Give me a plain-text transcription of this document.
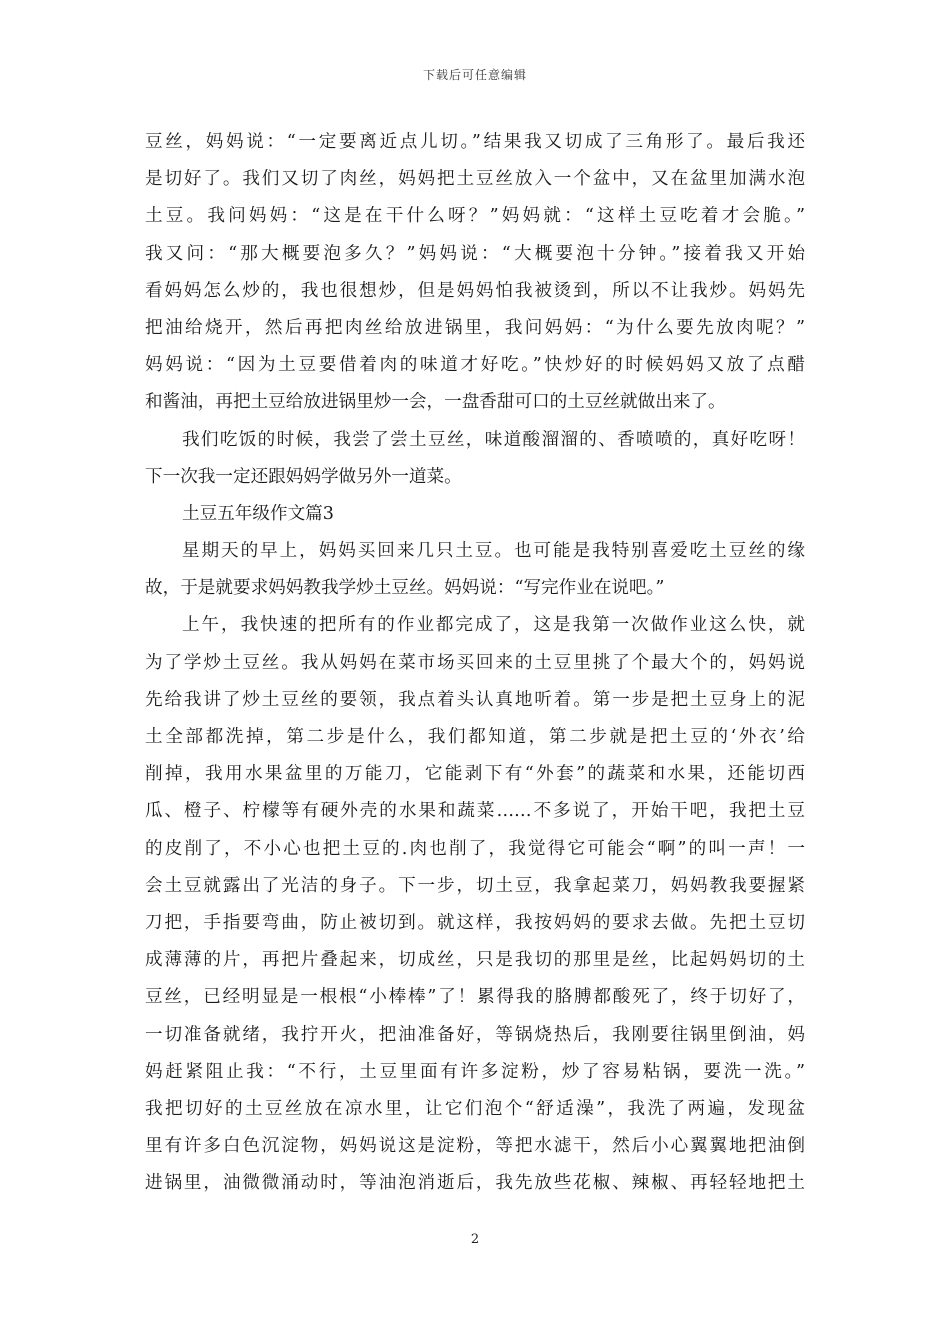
下载后可任意编辑
豆丝，妈妈说：“一定要离近点儿切。”结果我又切成了三角形了。最后我还
是切好了。我们又切了肉丝，妈妈把土豆丝放入一个盆中，又在盆里加满水泡
土豆。我问妈妈：“这是在干什么呀？”妈妈就：“这样土豆吃着才会脆。”
我又问：“那大概要泡多久？”妈妈说：“大概要泡十分钟。”接着我又开始
看妈妈怎么炒的，我也很想炒，但是妈妈怕我被烫到，所以不让我炒。妈妈先
把油给烧开，然后再把肉丝给放进锅里，我问妈妈：“为什么要先放肉呢？”
妈妈说：“因为土豆要借着肉的味道才好吃。”快炒好的时候妈妈又放了点醋
和酱油，再把土豆给放进锅里炒一会，一盘香甜可口的土豆丝就做出来了。
我们吃饭的时候，我尝了尝土豆丝，味道酸溜溜的、香喷喷的，真好吃呀！
下一次我一定还跟妈妈学做另外一道菜。
土豆五年级作文篇3
星期天的早上，妈妈买回来几只土豆。也可能是我特别喜爱吃土豆丝的缘
故，于是就要求妈妈教我学炒土豆丝。妈妈说：“写完作业在说吧。”
上午，我快速的把所有的作业都完成了，这是我第一次做作业这么快，就
为了学炒土豆丝。我从妈妈在菜市场买回来的土豆里挑了个最大个的，妈妈说
先给我讲了炒土豆丝的要领，我点着头认真地听着。第一步是把土豆身上的泥
土全部都洗掉，第二步是什么，我们都知道，第二步就是把土豆的‘外衣’给
削掉，我用水果盆里的万能刀，它能剥下有“外套”的蔬菜和水果，还能切西
瓜、橙子、柠檬等有硬外壳的水果和蔬菜……不多说了，开始干吧，我把土豆
的皮削了，不小心也把土豆的.肉也削了，我觉得它可能会“啊”的叫一声！一
会土豆就露出了光洁的身子。下一步，切土豆，我拿起菜刀，妈妈教我要握紧
刀把，手指要弯曲，防止被切到。就这样，我按妈妈的要求去做。先把土豆切
成薄薄的片，再把片叠起来，切成丝，只是我切的那里是丝，比起妈妈切的土
豆丝，已经明显是一根根“小棒棒”了！累得我的胳膊都酸死了，终于切好了，
一切准备就绪，我拧开火，把油准备好，等锅烧热后，我刚要往锅里倒油，妈
妈赶紧阻止我：“不行，土豆里面有许多淀粉，炒了容易粘锅，要洗一洗。”
我把切好的土豆丝放在凉水里，让它们泡个“舒适澡”，我洗了两遍，发现盆
里有许多白色沉淀物，妈妈说这是淀粉，等把水滤干，然后小心翼翼地把油倒
进锅里，油微微涌动时，等油泡消逝后，我先放些花椒、辣椒、再轻轻地把土
2
